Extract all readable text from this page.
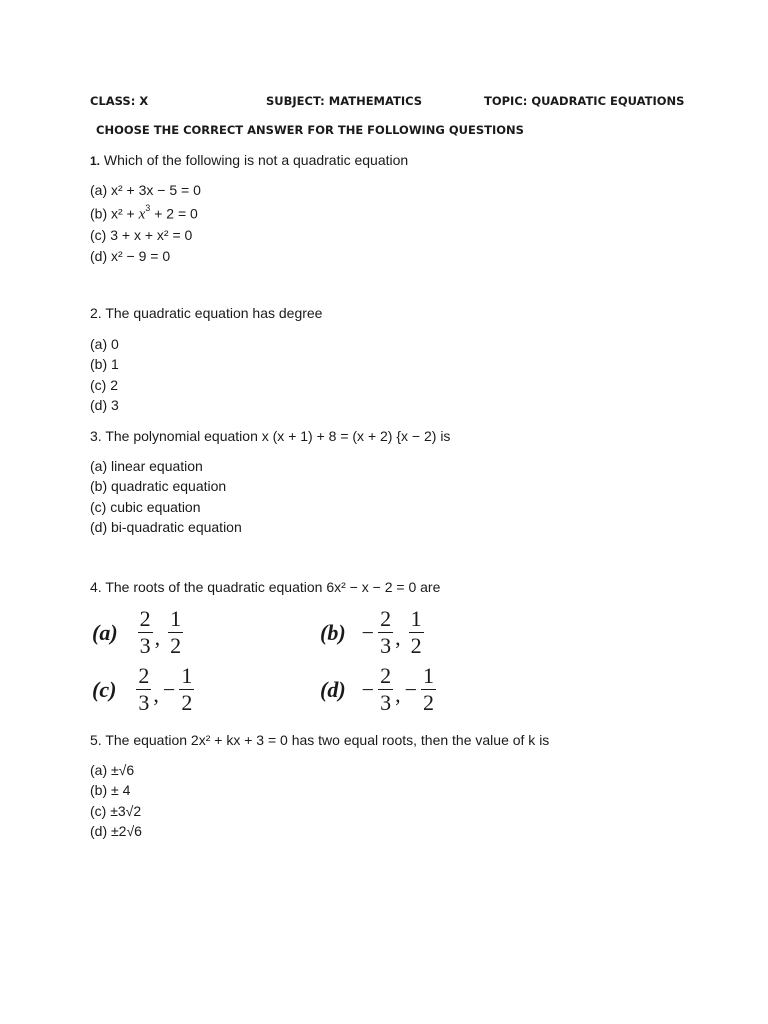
CLASS: X	SUBJECT: MATHEMATICS	TOPIC: QUADRATIC EQUATIONS
CHOOSE THE CORRECT ANSWER FOR THE FOLLOWING QUESTIONS
1. Which of the following is not a quadratic equation
(a) x² + 3x − 5 = 0
(b) $x^2 + x^3 + 2 = 0$
(c) 3 + x + x² = 0
(d) x² − 9 = 0
2. The quadratic equation has degree
(a) 0
(b) 1
(c) 2
(d) 3
3. The polynomial equation x (x + 1) + 8 = (x + 2) {x − 2) is
(a) linear equation
(b) quadratic equation
(c) cubic equation
(d) bi-quadratic equation
4. The roots of the quadratic equation 6x² − x − 2 = 0 are
$(a) \frac{2}{3}$ , $\frac{1}{2}$	$(b) - \frac{2}{3}$ , $\frac{1}{2}$
$(c) \frac{2}{3}$ , − $\frac{1}{2}$	$(d) - \frac{2}{3}$ , − $\frac{1}{2}$
5. The equation 2x² + kx + 3 = 0 has two equal roots, then the value of k is
(a) ±√6
(b) ± 4
(c) ±3√2
(d) ±2√6
